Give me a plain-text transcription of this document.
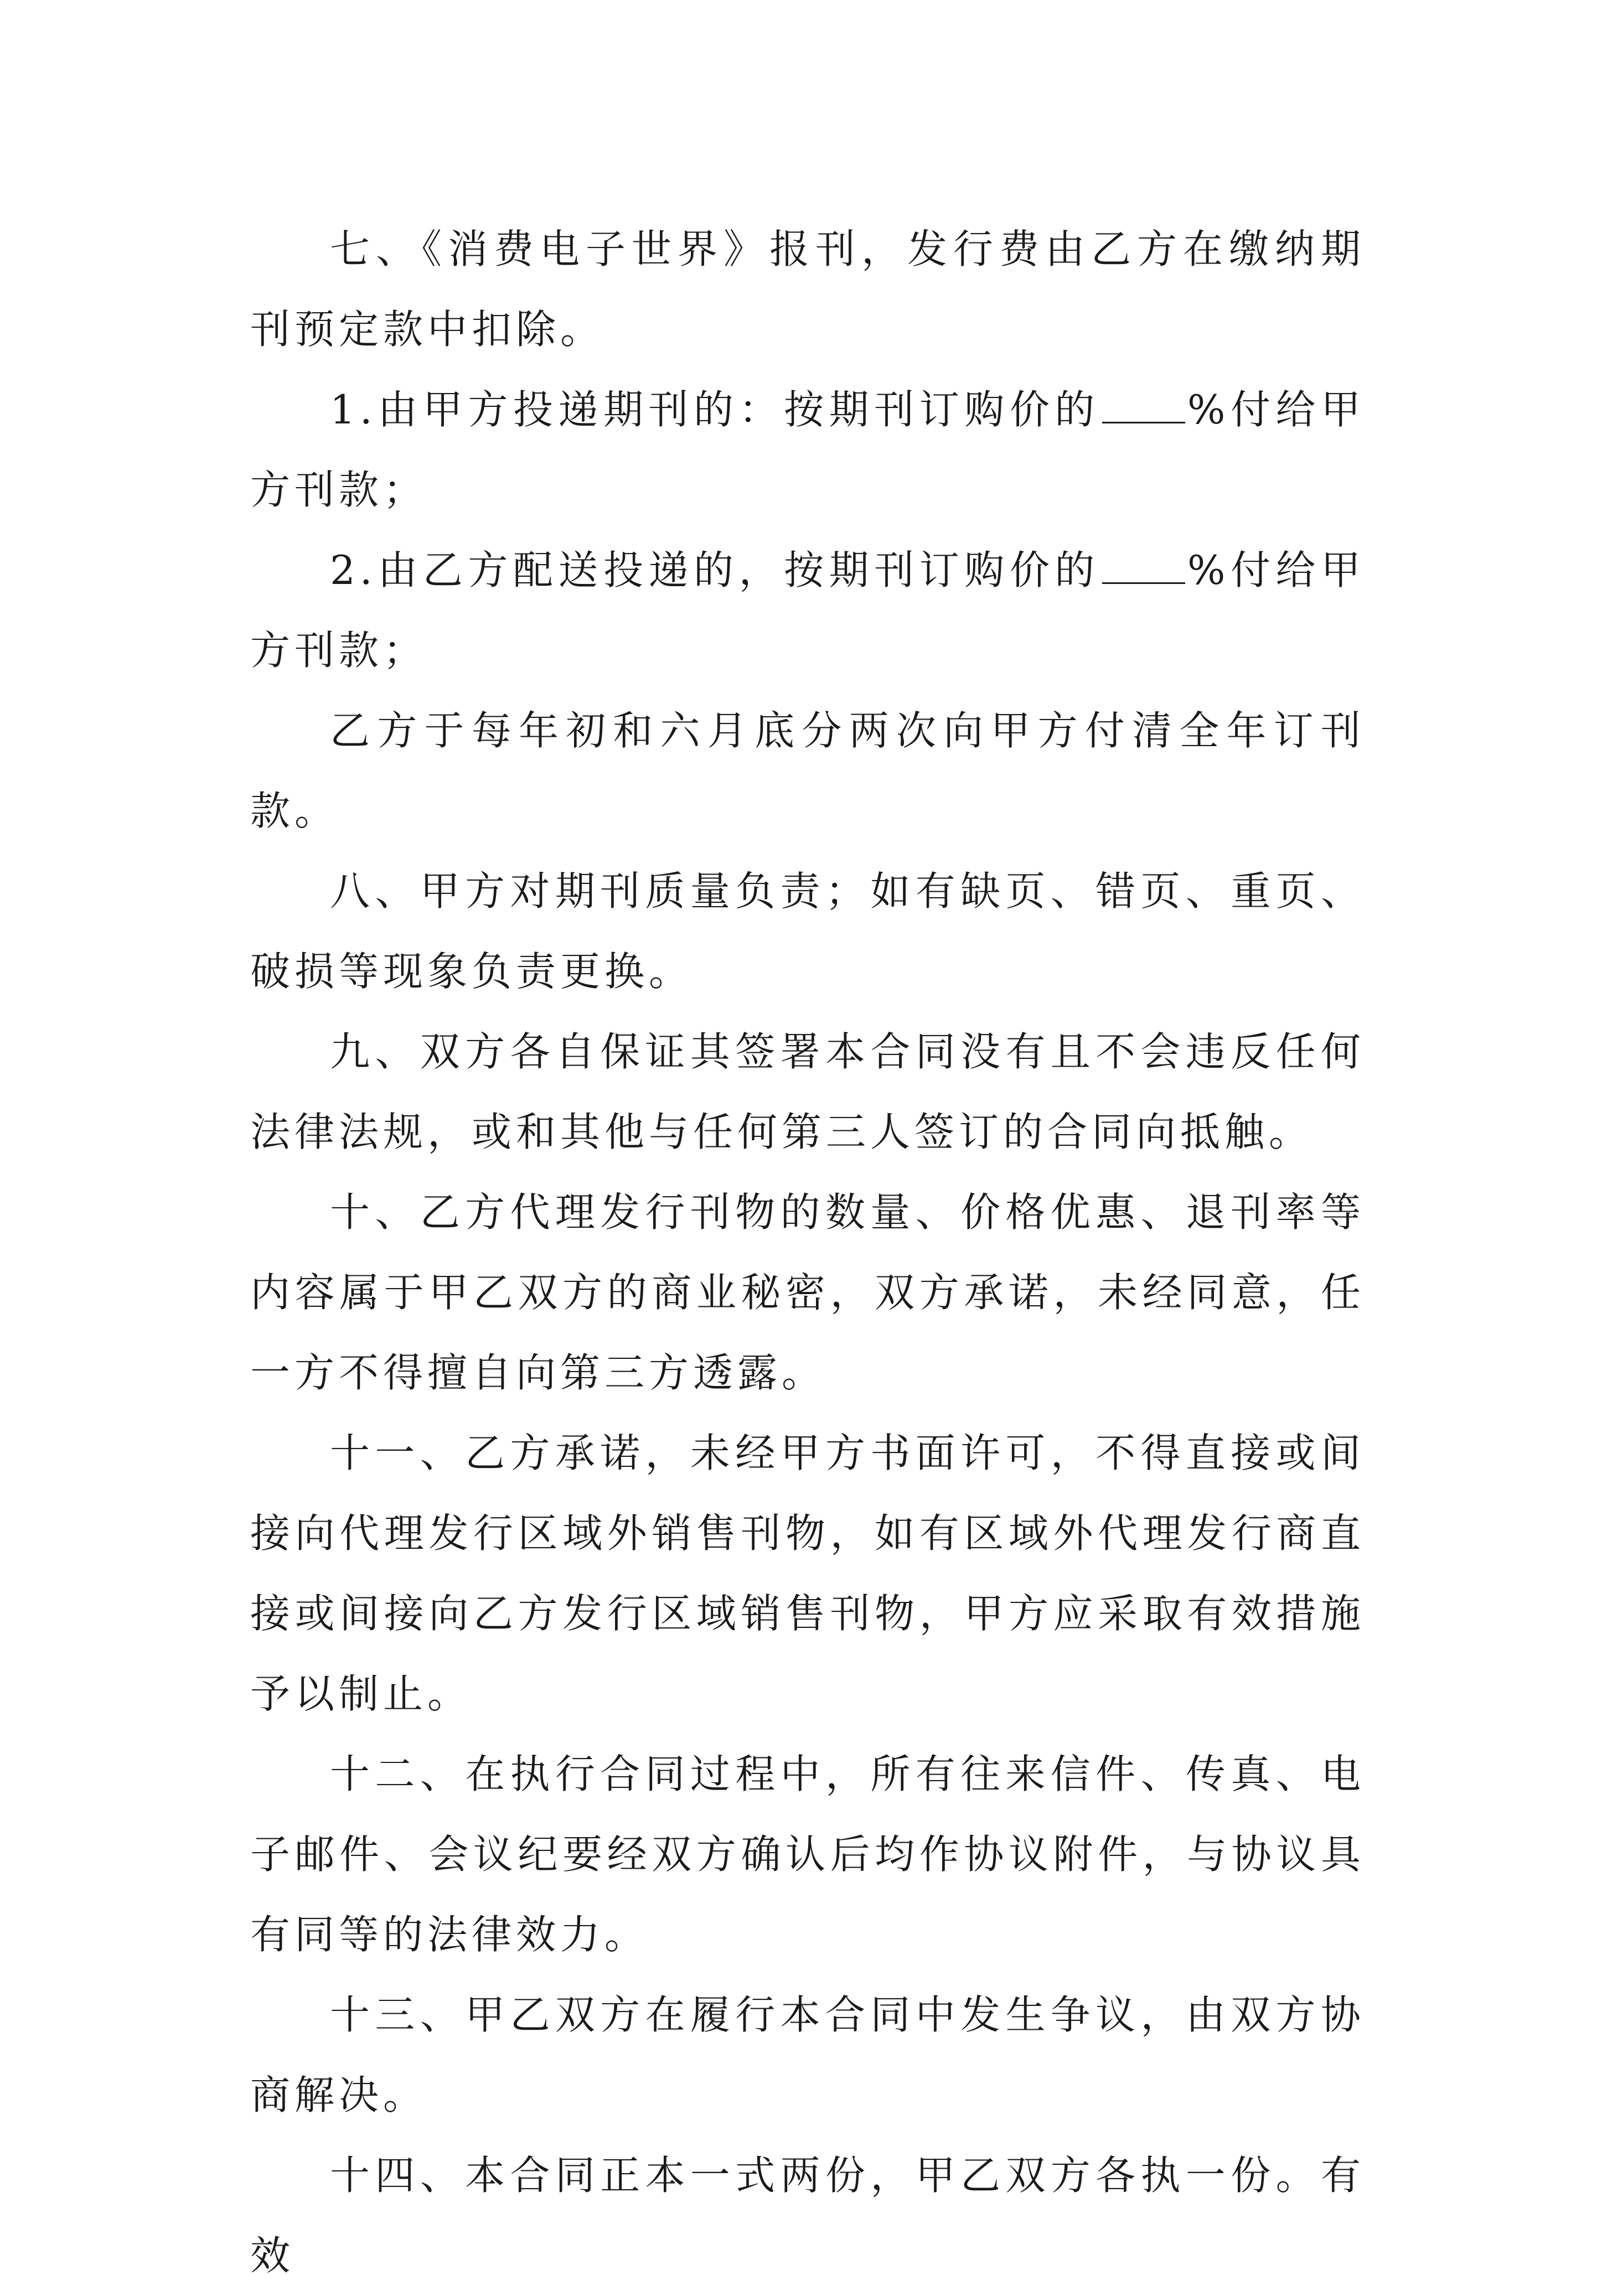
七、《消费电子世界》报刊，发行费由乙方在缴纳期刊预定款中扣除。

1.由甲方投递期刊的：按期刊订购价的 %付给甲方刊款；

2.由乙方配送投递的，按期刊订购价的 %付给甲方刊款；

乙方于每年初和六月底分两次向甲方付清全年订刊款。

八、甲方对期刊质量负责；如有缺页、错页、重页、破损等现象负责更换。

九、双方各自保证其签署本合同没有且不会违反任何法律法规，或和其他与任何第三人签订的合同向抵触。

十、乙方代理发行刊物的数量、价格优惠、退刊率等内容属于甲乙双方的商业秘密，双方承诺，未经同意，任一方不得擅自向第三方透露。

十一、乙方承诺，未经甲方书面许可，不得直接或间接向代理发行区域外销售刊物，如有区域外代理发行商直接或间接向乙方发行区域销售刊物，甲方应采取有效措施予以制止。

十二、在执行合同过程中，所有往来信件、传真、电子邮件、会议纪要经双方确认后均作协议附件，与协议具有同等的法律效力。

十三、甲乙双方在履行本合同中发生争议，由双方协商解决。

十四、本合同正本一式两份，甲乙双方各执一份。有效
